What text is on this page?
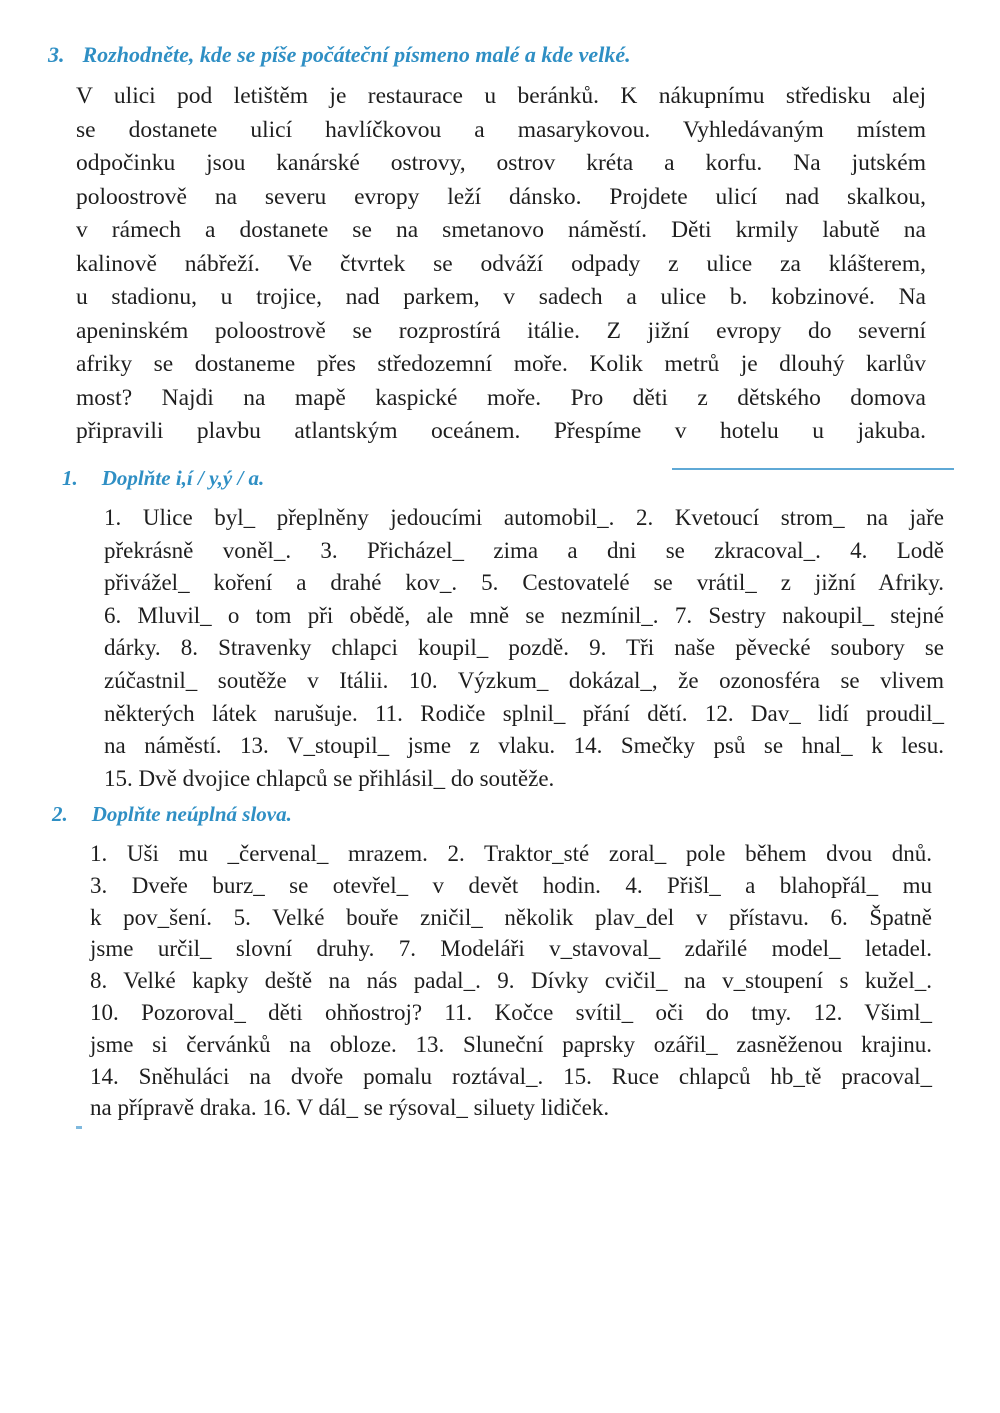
3. Rozhodněte, kde se píše počáteční písmeno malé a kde velké.
V ulici pod letištěm je restaurace u beránků. K nákupnímu středisku alej
se dostanete ulicí havlíčkovou a masarykovou. Vyhledávaným místem
odpočinku jsou kanárské ostrovy, ostrov kréta a korfu. Na jutském
poloostrově na severu evropy leží dánsko. Projdete ulicí nad skalkou,
v rámech a dostanete se na smetanovo náměstí. Děti krmily labutě na
kalinově nábřeží. Ve čtvrtek se odváží odpady z ulice za klášterem,
u stadionu, u trojice, nad parkem, v sadech a ulice b. kobzinové. Na
apeninském poloostrově se rozprostírá itálie. Z jižní evropy do severní
afriky se dostaneme přes středozemní moře. Kolik metrů je dlouhý karlův
most? Najdi na mapě kaspické moře. Pro děti z dětského domova
připravili plavbu atlantským oceánem. Přespíme v hotelu u jakuba.
1. Doplňte i,í / y,ý / a.
1. Ulice byl_ přeplněny jedoucími automobil_. 2. Kvetoucí strom_ na jaře
překrásně voněl_. 3. Přicházel_ zima a dni se zkracoval_. 4. Lodě
přivážel_ koření a drahé kov_. 5. Cestovatelé se vrátil_ z jižní Afriky.
6. Mluvil_ o tom při obědě, ale mně se nezmínil_. 7. Sestry nakoupil_ stejné
dárky. 8. Stravenky chlapci koupil_ pozdě. 9. Tři naše pěvecké soubory se
zúčastnil_ soutěže v Itálii. 10. Výzkum_ dokázal_, že ozonosféra se vlivem
některých látek narušuje. 11. Rodiče splnil_ přání dětí. 12. Dav_ lidí proudil_
na náměstí. 13. V_stoupil_ jsme z vlaku. 14. Smečky psů se hnal_ k lesu.
15. Dvě dvojice chlapců se přihlásil_ do soutěže.
2. Doplňte neúplná slova.
1. Uši mu _červenal_ mrazem. 2. Traktor_sté zoral_ pole během dvou dnů.
3. Dveře burz_ se otevřel_ v devět hodin. 4. Přišl_ a blahopřál_ mu
k pov_šení. 5. Velké bouře zničil_ několik plav_del v přístavu. 6. Špatně
jsme určil_ slovní druhy. 7. Modeláři v_stavoval_ zdařilé model_ letadel.
8. Velké kapky deště na nás padal_. 9. Dívky cvičil_ na v_stoupení s kužel_.
10. Pozoroval_ děti ohňostroj? 11. Kočce svítil_ oči do tmy. 12. Všiml_
jsme si červánků na obloze. 13. Sluneční paprsky ozářil_ zasněženou krajinu.
14. Sněhuláci na dvoře pomalu roztával_. 15. Ruce chlapců hb_tě pracoval_
na přípravě draka. 16. V dál_ se rýsoval_ siluety lidiček.
